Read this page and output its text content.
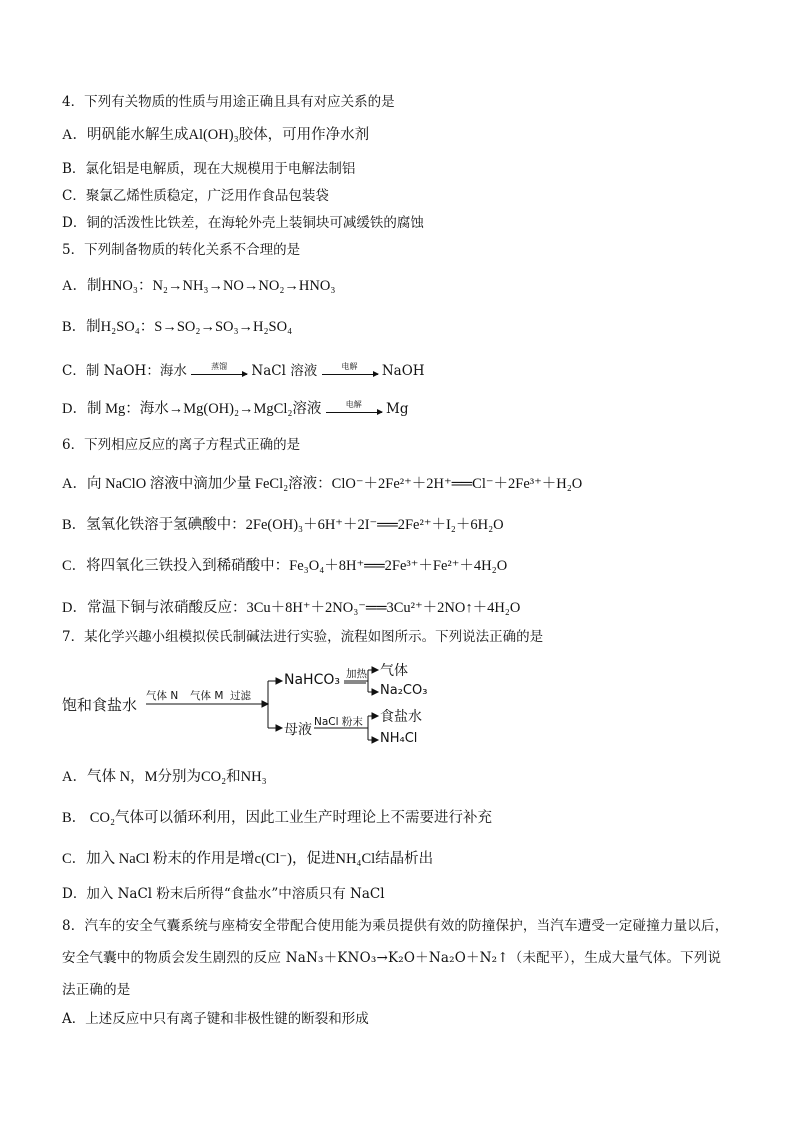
4．下列有关物质的性质与用途正确且具有对应关系的是
A．明矾能水解生成Al(OH)₃胶体，可用作净水剂
B．氯化铝是电解质，现在大规模用于电解法制铝
C．聚氯乙烯性质稳定，广泛用作食品包装袋
D．铜的活泼性比铁差，在海轮外壳上装铜块可减缓铁的腐蚀
5．下列制备物质的转化关系不合理的是
A．制HNO₃：N₂→NH₃→NO→NO₂→HNO₃
B．制H₂SO₄：S→SO₂→SO₃→H₂SO₄
C．制 NaOH：海水	蒸馏	NaCl 溶液	电解	NaOH
D．制 Mg：海水→Mg(OH)₂→MgCl₂溶液	电解	Mg
6．下列相应反应的离子方程式正确的是
A．向 NaClO 溶液中滴加少量 FeCl₂溶液：ClO⁻＋2Fe²⁺＋2H⁺══Cl⁻＋2Fe³⁺＋H₂O
B．氢氧化铁溶于氢碘酸中：2Fe(OH)₃＋6H⁺＋2I⁻══2Fe²⁺＋I₂＋6H₂O
C．将四氧化三铁投入到稀硝酸中：Fe₃O₄＋8H⁺══2Fe³⁺＋Fe²⁺＋4H₂O
D．常温下铜与浓硝酸反应：3Cu＋8H⁺＋2NO₃⁻══3Cu²⁺＋2NO↑＋4H₂O
7．某化学兴趣小组模拟侯氏制碱法进行实验，流程如图所示。下列说法正确的是
饱和食盐水 气体 N 气体 M 过滤
NaHCO₃ 加热 气体
Na₂CO₃
母液 NaCl 粉末 食盐水
NH₄Cl
A．气体 N，M分别为CO₂和NH₃
B． CO₂气体可以循环利用，因此工业生产时理论上不需要进行补充
C．加入 NaCl 粉末的作用是增c(Cl⁻)，促进NH₄Cl结晶析出
D．加入 NaCl 粉末后所得“食盐水”中溶质只有 NaCl
8．汽车的安全气囊系统与座椅安全带配合使用能为乘员提供有效的防撞保护，当汽车遭受一定碰撞力量以后，安全气囊中的物质会发生剧烈的反应 NaN₃＋KNO₃→K₂O＋Na₂O＋N₂↑（未配平），生成大量气体。下列说法正确的是
A．上述反应中只有离子键和非极性键的断裂和形成
